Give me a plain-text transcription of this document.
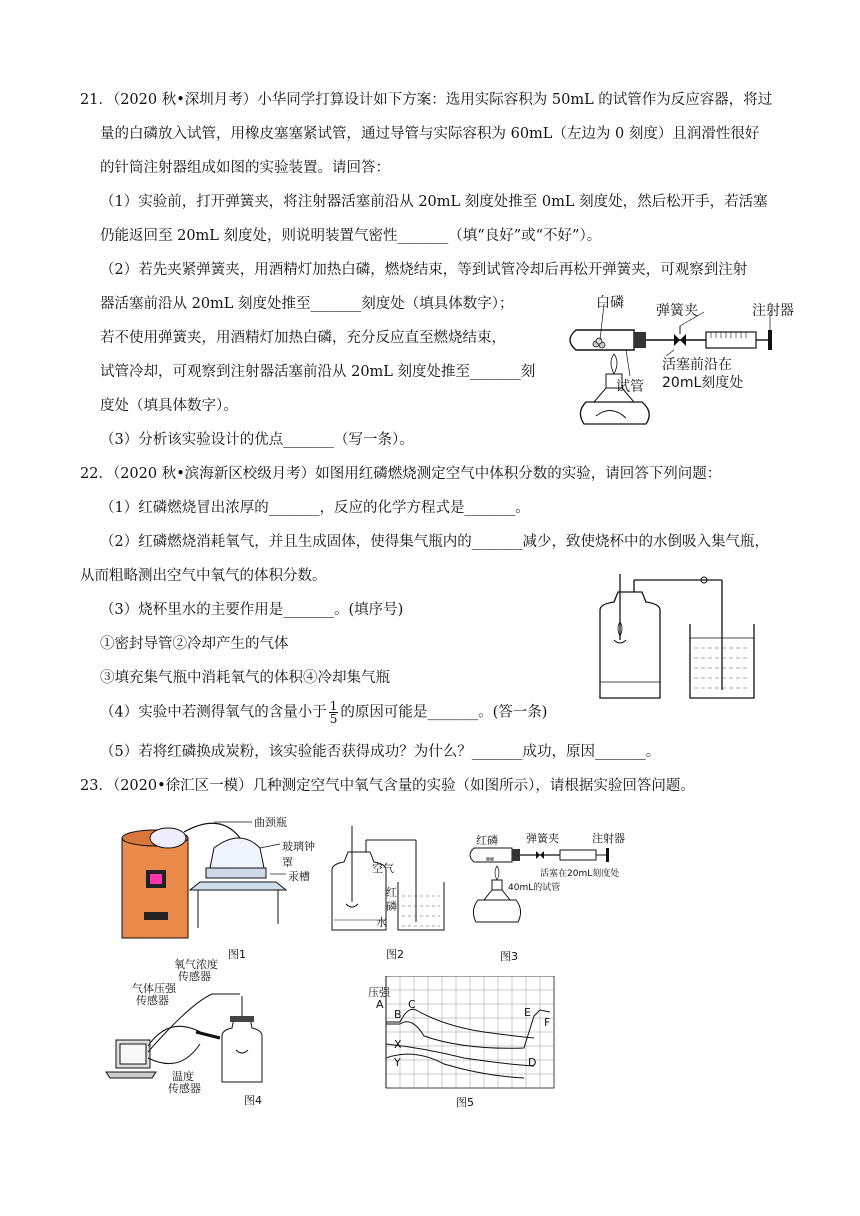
21．（2020 秋•深圳月考）小华同学打算设计如下方案：选用实际容积为 50mL 的试管作为反应容器，将过
量的白磷放入试管，用橡皮塞塞紧试管，通过导管与实际容积为 60mL（左边为 0 刻度）且润滑性很好
的针筒注射器组成如图的实验装置。请回答：
（1）实验前，打开弹簧夹，将注射器活塞前沿从 20mL 刻度处推至 0mL 刻度处，然后松开手，若活塞
仍能返回至 20mL 刻度处，则说明装置气密性_______（填“良好”或“不好”）。
（2）若先夹紧弹簧夹，用酒精灯加热白磷，燃烧结束，等到试管冷却后再松开弹簧夹，可观察到注射
器活塞前沿从 20mL 刻度处推至_______刻度处（填具体数字）；
若不使用弹簧夹，用酒精灯加热白磷，充分反应直至燃烧结束，
试管冷却，可观察到注射器活塞前沿从 20mL 刻度处推至_______刻
度处（填具体数字）。
（3）分析该实验设计的优点_______（写一条）。
白磷 弹簧夹	注射器
试管
活塞前沿在
20mL刻度处
22．（2020 秋•滨海新区校级月考）如图用红磷燃烧测定空气中体积分数的实验，请回答下列问题：
（1）红磷燃烧冒出浓厚的_______，反应的化学方程式是_______。
（2）红磷燃烧消耗氧气，并且生成固体，使得集气瓶内的_______减少，致使烧杯中的水倒吸入集气瓶，
从而粗略测出空气中氧气的体积分数。
（3）烧杯里水的主要作用是_______。(填序号)
①密封导管②冷却产生的气体
③填充集气瓶中消耗氧气的体积④冷却集气瓶
（4）实验中若测得氧气的含量小于 $\frac{1}{5}$ 的原因可能是_______。(答一条)
（5）若将红磷换成炭粉，该实验能否获得成功？为什么？_______成功，原因_______。
23．（2020•徐汇区一模）几种测定空气中氧气含量的实验（如图所示），请根据实验回答问题。
曲颈瓶
玻璃钟罩
汞槽
图1
空气
红
磷
水
图2
红磷	弹簧夹	注射器
活塞在20mL刻度处
40mL的试管
图3
氧气浓度
传感器
气体压强
传感器
温度
传感器
图4
压强
A
B
C
D
E
F
X
Y
图5
